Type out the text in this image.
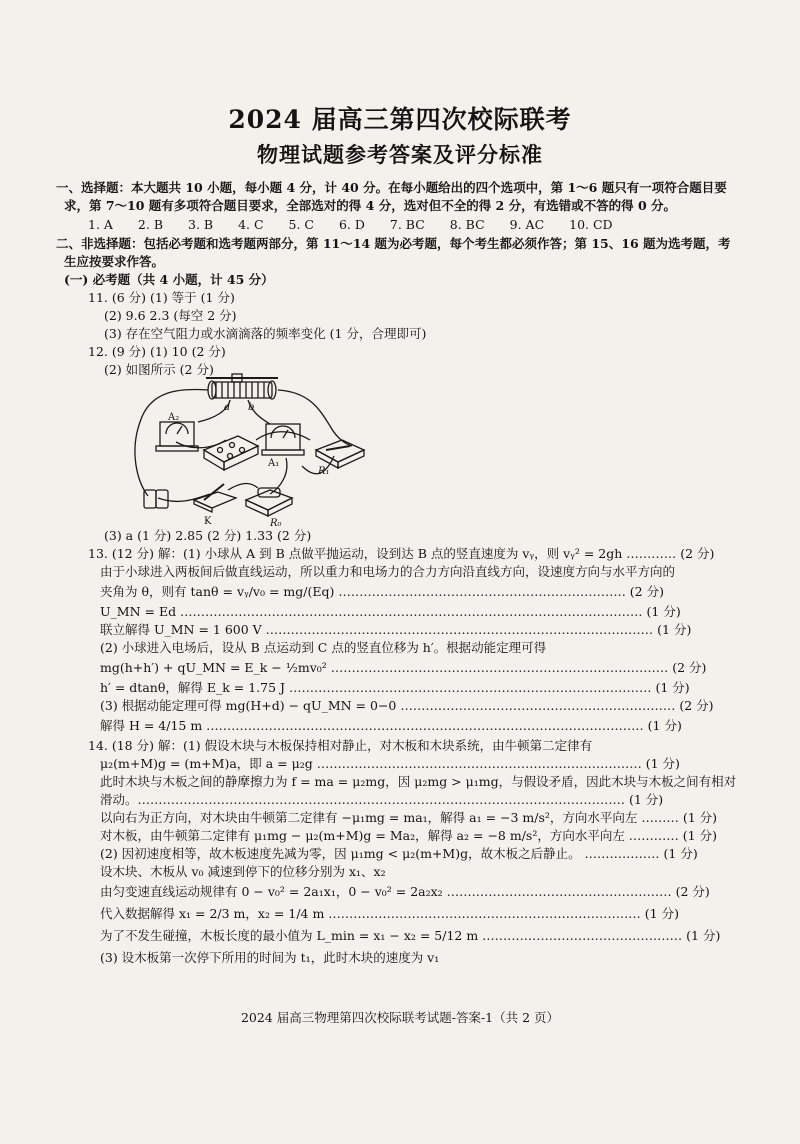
2024 届高三第四次校际联考
物理试题参考答案及评分标准
一、选择题：本大题共 10 小题，每小题 4 分，计 40 分。在每小题给出的四个选项中，第 1～6 题只有一项符合题目要
求，第 7～10 题有多项符合题目要求，全部选对的得 4 分，选对但不全的得 2 分，有选错或不答的得 0 分。
1. A 2. B 3. B 4. C 5. C 6. D 7. BC 8. BC 9. AC 10. CD
二、非选择题：包括必考题和选考题两部分，第 11～14 题为必考题，每个考生都必须作答；第 15、16 题为选考题，考
生应按要求作答。
(一) 必考题（共 4 小题，计 45 分）
11. (6 分) (1) 等于 (1 分)
(2) 9.6 2.3 (每空 2 分)
(3) 存在空气阻力或水滴滴落的频率变化 (1 分，合理即可)
12. (9 分) (1) 10 (2 分)
(2) 如图所示 (2 分)
a b
A₂
A₁
R₁
R₀
K
(3) a (1 分) 2.85 (2 分) 1.33 (2 分)
13. (12 分) 解：(1) 小球从 A 到 B 点做平抛运动，设到达 B 点的竖直速度为 vᵧ，则 vᵧ² = 2gh ………… (2 分)
由于小球进入两板间后做直线运动，所以重力和电场力的合力方向沿直线方向，设速度方向与水平方向的
夹角为 θ，则有 tanθ = vᵧ/v₀ = mg/(Eq) …………………………………………………………… (2 分)
U_MN = Ed ………………………………………………………………………………………………… (1 分)
联立解得 U_MN = 1 600 V ………………………………………………………………………………… (1 分)
(2) 小球进入电场后，设从 B 点运动到 C 点的竖直位移为 h′。根据动能定理可得
mg(h+h′) + qU_MN = E_k − ½mv₀² ……………………………………………………………………… (2 分)
h′ = dtanθ，解得 E_k = 1.75 J …………………………………………………………………………… (1 分)
(3) 根据动能定理可得 mg(H+d) − qU_MN = 0−0 ………………………………………………………… (2 分)
解得 H = 4/15 m …………………………………………………………………………………………… (1 分)
14. (18 分) 解：(1) 假设木块与木板保持相对静止，对木板和木块系统，由牛顿第二定律有
μ₂(m+M)g = (m+M)a，即 a = μ₂g …………………………………………………………………… (1 分)
此时木块与木板之间的静摩擦力为 f = ma = μ₂mg，因 μ₂mg > μ₁mg，与假设矛盾，因此木块与木板之间有相对
滑动。……………………………………………………………………………………………………… (1 分)
以向右为正方向，对木块由牛顿第二定律有 −μ₁mg = ma₁，解得 a₁ = −3 m/s²，方向水平向左 ……… (1 分)
对木板，由牛顿第二定律有 μ₁mg − μ₂(m+M)g = Ma₂，解得 a₂ = −8 m/s²，方向水平向左 ………… (1 分)
(2) 因初速度相等，故木板速度先减为零，因 μ₁mg < μ₂(m+M)g，故木板之后静止。 ……………… (1 分)
设木块、木板从 v₀ 减速到停下的位移分别为 x₁、x₂
由匀变速直线运动规律有 0 − v₀² = 2a₁x₁，0 − v₀² = 2a₂x₂ ……………………………………………… (2 分)
代入数据解得 x₁ = 2/3 m，x₂ = 1/4 m ………………………………………………………………… (1 分)
为了不发生碰撞，木板长度的最小值为 L_min = x₁ − x₂ = 5/12 m ………………………………………… (1 分)
(3) 设木板第一次停下所用的时间为 t₁，此时木块的速度为 v₁
2024 届高三物理第四次校际联考试题-答案-1（共 2 页）
